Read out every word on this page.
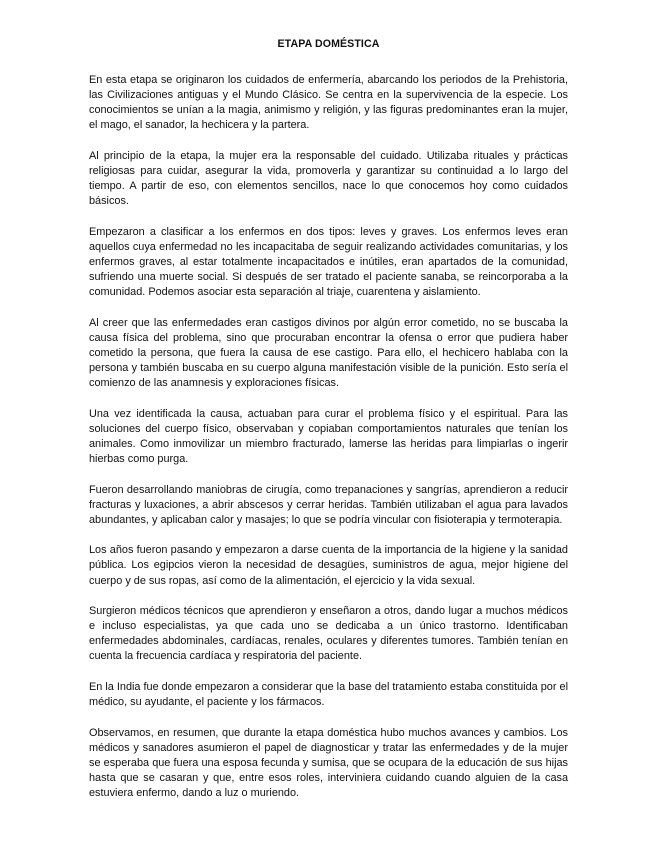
ETAPA DOMÉSTICA

En esta etapa se originaron los cuidados de enfermería, abarcando los periodos de la Prehistoria, las Civilizaciones antiguas y el Mundo Clásico. Se centra en la supervivencia de la especie. Los conocimientos se unían a la magia, animismo y religión, y las figuras predominantes eran la mujer, el mago, el sanador, la hechicera y la partera.

Al principio de la etapa, la mujer era la responsable del cuidado. Utilizaba rituales y prácticas religiosas para cuidar, asegurar la vida, promoverla y garantizar su continuidad a lo largo del tiempo. A partir de eso, con elementos sencillos, nace lo que conocemos hoy como cuidados básicos.

Empezaron a clasificar a los enfermos en dos tipos: leves y graves. Los enfermos leves eran aquellos cuya enfermedad no les incapacitaba de seguir realizando actividades comunitarias, y los enfermos graves, al estar totalmente incapacitados e inútiles, eran apartados de la comunidad, sufriendo una muerte social. Si después de ser tratado el paciente sanaba, se reincorporaba a la comunidad. Podemos asociar esta separación al triaje, cuarentena y aislamiento.

Al creer que las enfermedades eran castigos divinos por algún error cometido, no se buscaba la causa física del problema, sino que procuraban encontrar la ofensa o error que pudiera haber cometido la persona, que fuera la causa de ese castigo. Para ello, el hechicero hablaba con la persona y también buscaba en su cuerpo alguna manifestación visible de la punición. Esto sería el comienzo de las anamnesis y exploraciones físicas.

Una vez identificada la causa, actuaban para curar el problema físico y el espiritual. Para las soluciones del cuerpo físico, observaban y copiaban comportamientos naturales que tenían los animales. Como inmovilizar un miembro fracturado, lamerse las heridas para limpiarlas o ingerir hierbas como purga.

Fueron desarrollando maniobras de cirugía, como trepanaciones y sangrías, aprendieron a reducir fracturas y luxaciones, a abrir abscesos y cerrar heridas. También utilizaban el agua para lavados abundantes, y aplicaban calor y masajes; lo que se podría vincular con fisioterapia y termoterapia.

Los años fueron pasando y empezaron a darse cuenta de la importancia de la higiene y la sanidad pública. Los egipcios vieron la necesidad de desagües, suministros de agua, mejor higiene del cuerpo y de sus ropas, así como de la alimentación, el ejercicio y la vida sexual.

Surgieron médicos técnicos que aprendieron y enseñaron a otros, dando lugar a muchos médicos e incluso especialistas, ya que cada uno se dedicaba a un único trastorno. Identificaban enfermedades abdominales, cardíacas, renales, oculares y diferentes tumores. También tenían en cuenta la frecuencia cardíaca y respiratoria del paciente.

En la India fue donde empezaron a considerar que la base del tratamiento estaba constituida por el médico, su ayudante, el paciente y los fármacos.

Observamos, en resumen, que durante la etapa doméstica hubo muchos avances y cambios. Los médicos y sanadores asumieron el papel de diagnosticar y tratar las enfermedades y de la mujer se esperaba que fuera una esposa fecunda y sumisa, que se ocupara de la educación de sus hijas hasta que se casaran y que, entre esos roles, interviniera cuidando cuando alguien de la casa estuviera enfermo, dando a luz o muriendo.
